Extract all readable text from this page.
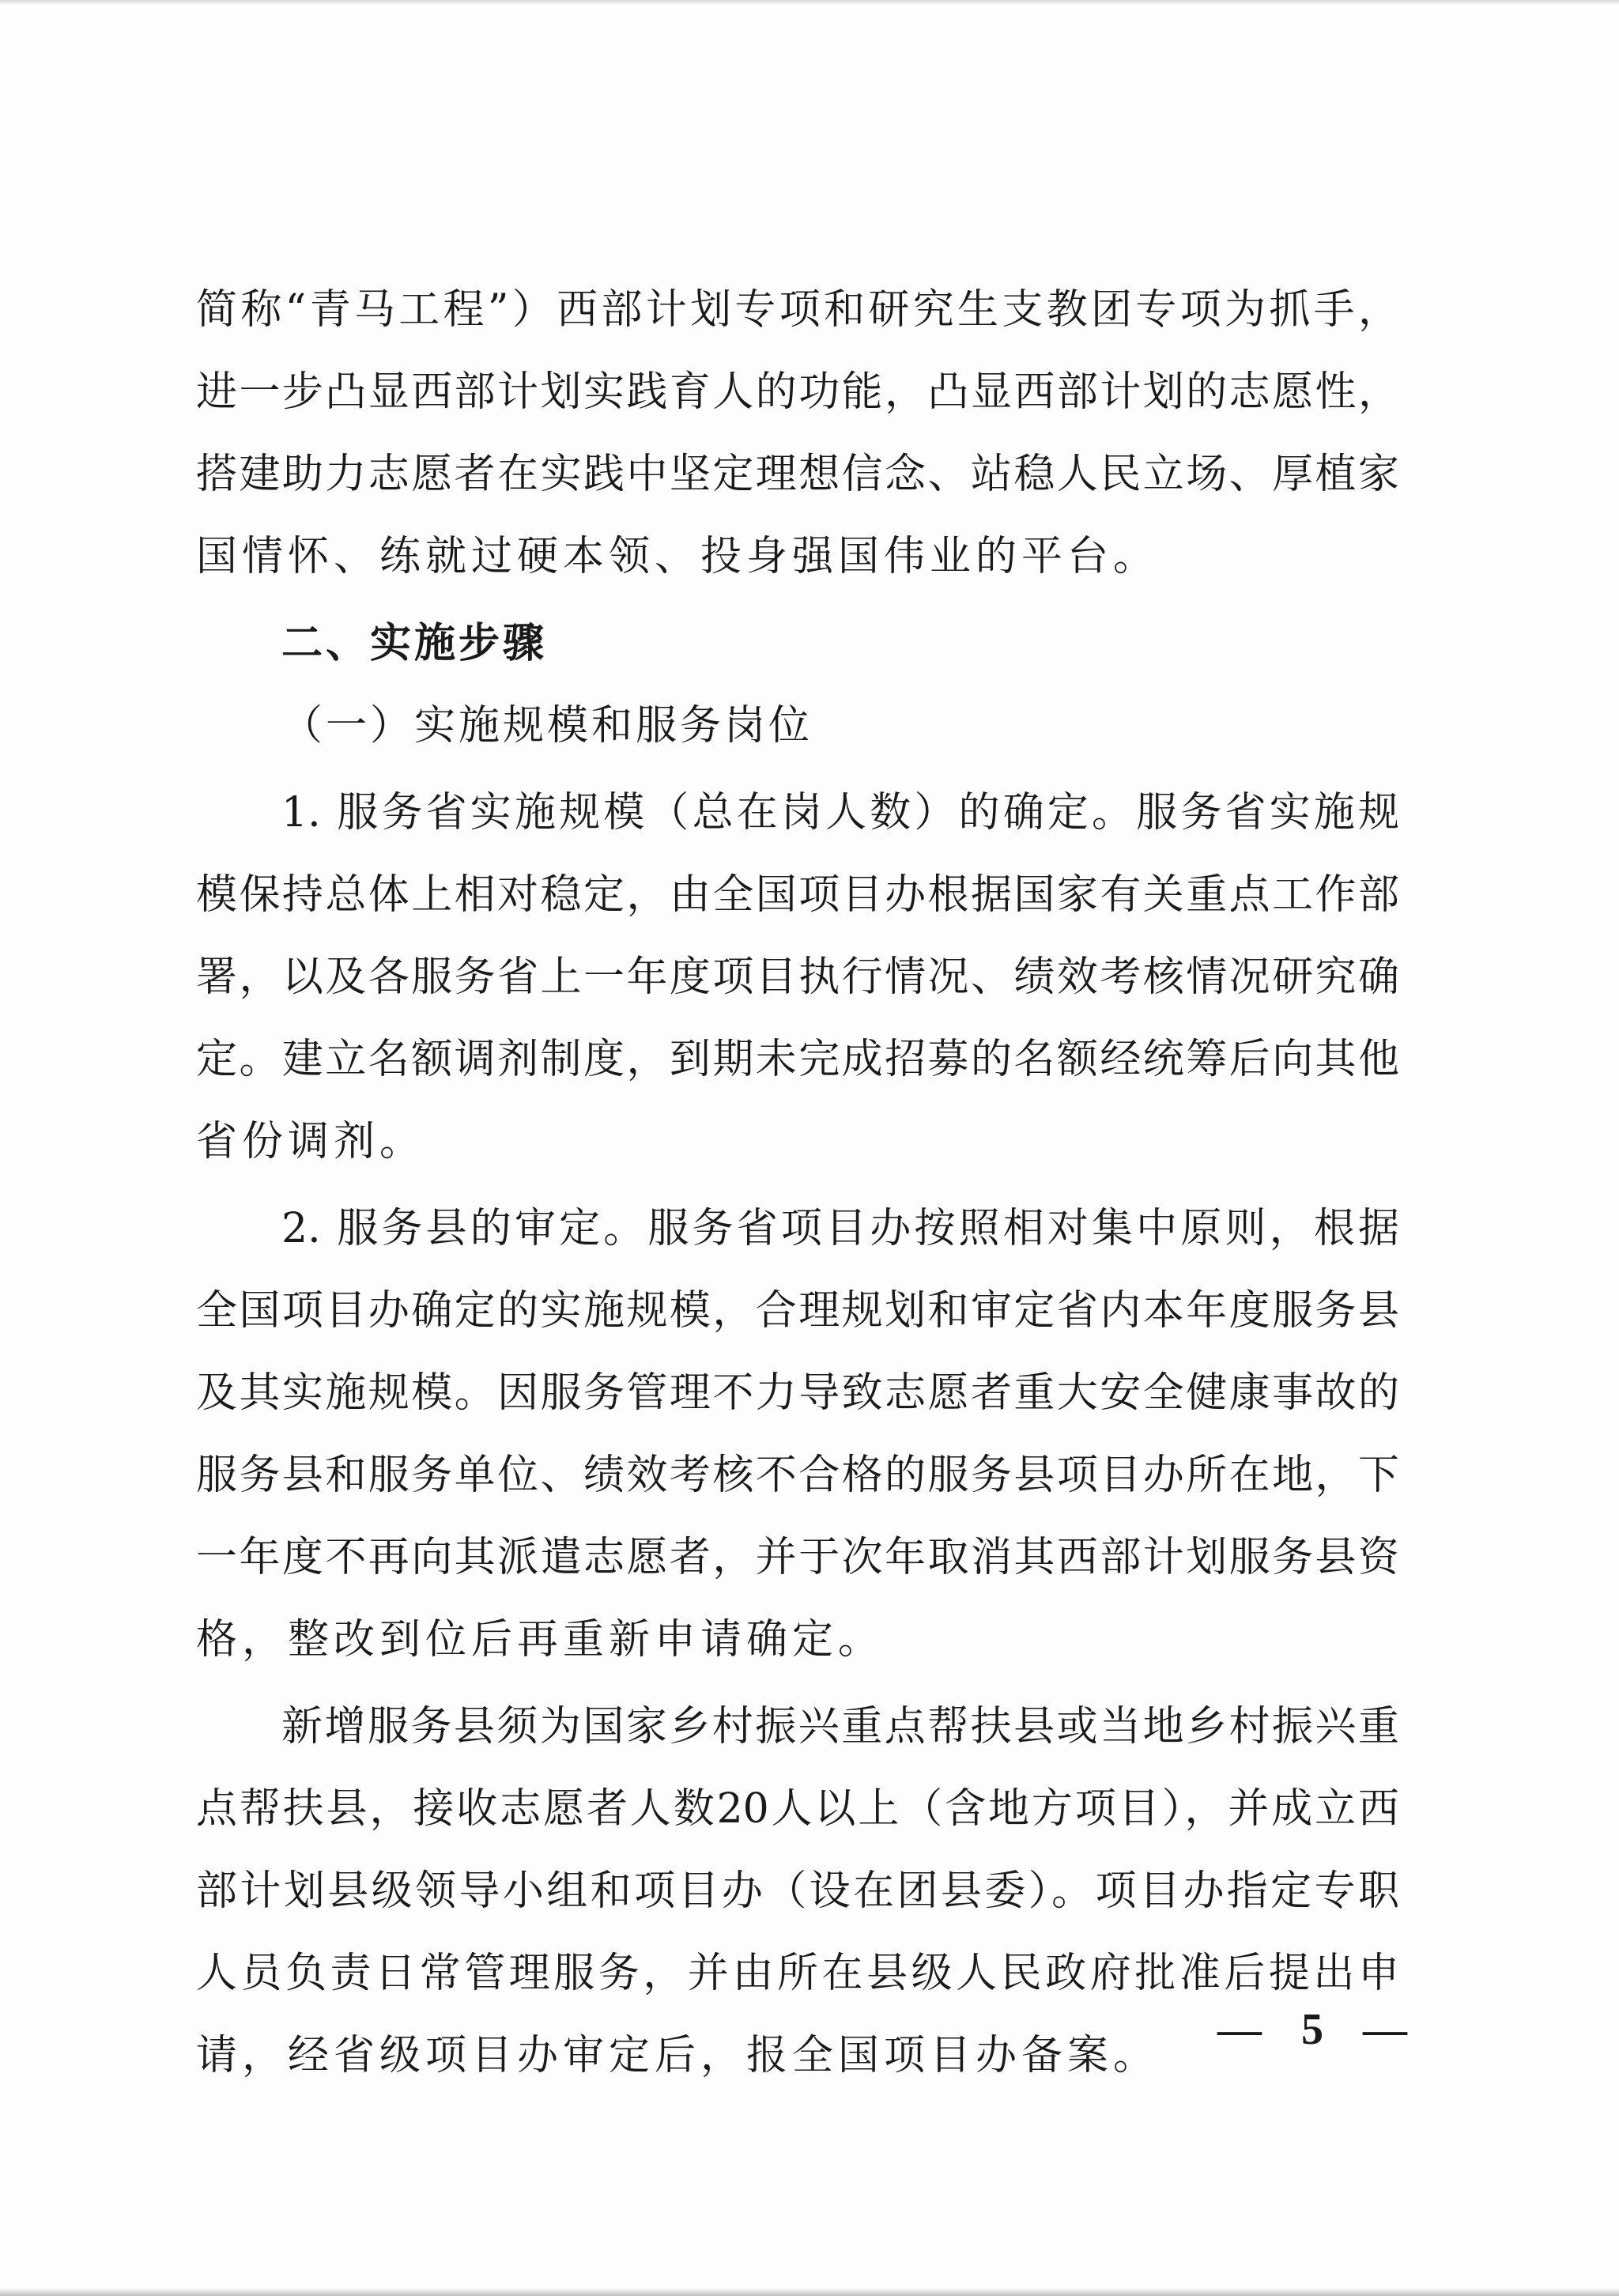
简称“青马工程”）西部计划专项和研究生支教团专项为抓手，
进一步凸显西部计划实践育人的功能，凸显西部计划的志愿性，
搭建助力志愿者在实践中坚定理想信念、站稳人民立场、厚植家
国情怀、练就过硬本领、投身强国伟业的平台。
二、实施步骤
（一）实施规模和服务岗位
1. 服务省实施规模（总在岗人数）的确定。服务省实施规
模保持总体上相对稳定，由全国项目办根据国家有关重点工作部
署，以及各服务省上一年度项目执行情况、绩效考核情况研究确
定。建立名额调剂制度，到期未完成招募的名额经统筹后向其他
省份调剂。
2. 服务县的审定。服务省项目办按照相对集中原则，根据
全国项目办确定的实施规模，合理规划和审定省内本年度服务县
及其实施规模。因服务管理不力导致志愿者重大安全健康事故的
服务县和服务单位、绩效考核不合格的服务县项目办所在地，下
一年度不再向其派遣志愿者，并于次年取消其西部计划服务县资
格，整改到位后再重新申请确定。
新增服务县须为国家乡村振兴重点帮扶县或当地乡村振兴重
点帮扶县，接收志愿者人数20人以上（含地方项目），并成立西
部计划县级领导小组和项目办（设在团县委）。项目办指定专职
人员负责日常管理服务，并由所在县级人民政府批准后提出申
请，经省级项目办审定后，报全国项目办备案。
— 5 —
